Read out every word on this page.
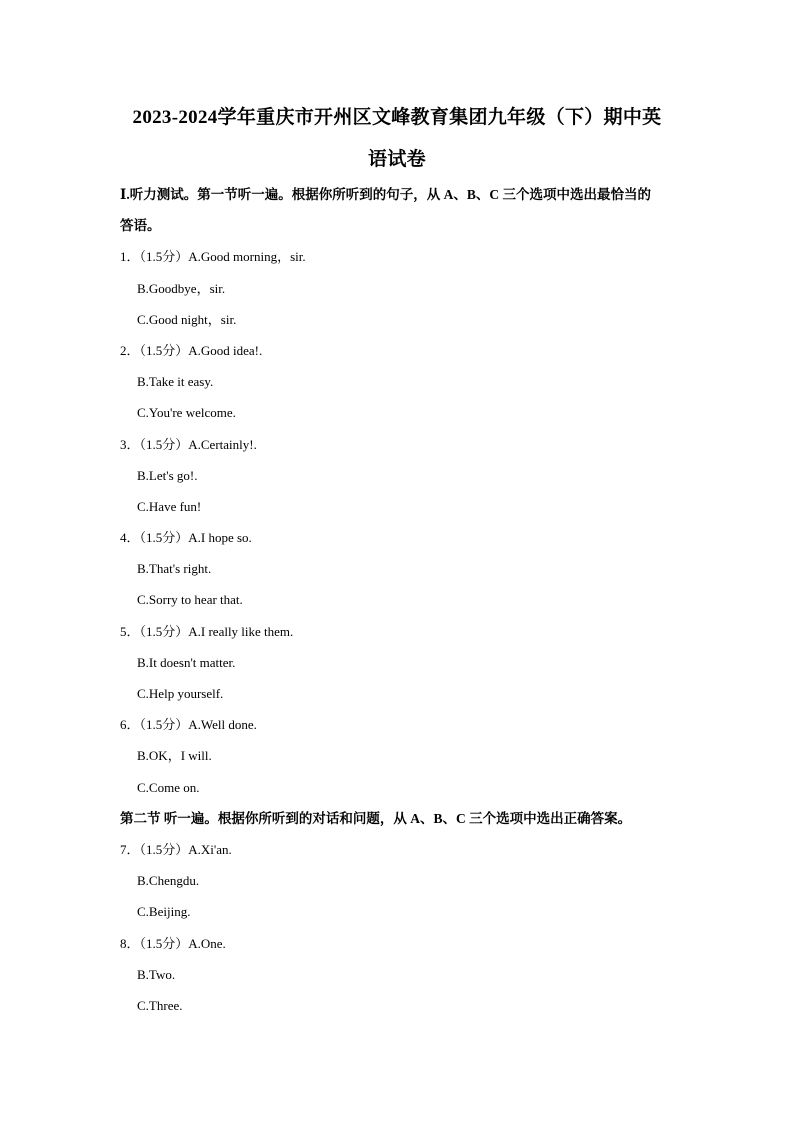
2023-2024学年重庆市开州区文峰教育集团九年级（下）期中英
语试卷
Ⅰ.听力测试。第一节听一遍。根据你所听到的句子，从 A、B、C 三个选项中选出最恰当的
答语。
1．（1.5分）A.Good morning，sir.
B.Goodbye，sir.
C.Good night，sir.
2．（1.5分）A.Good idea!.
B.Take it easy.
C.You're welcome.
3．（1.5分）A.Certainly!.
B.Let's go!.
C.Have fun!
4．（1.5分）A.I hope so.
B.That's right.
C.Sorry to hear that.
5．（1.5分）A.I really like them.
B.It doesn't matter.
C.Help yourself.
6．（1.5分）A.Well done.
B.OK，I will.
C.Come on.
第二节 听一遍。根据你所听到的对话和问题，从 A、B、C 三个选项中选出正确答案。
7．（1.5分）A.Xi'an.
B.Chengdu.
C.Beijing.
8．（1.5分）A.One.
B.Two.
C.Three.
